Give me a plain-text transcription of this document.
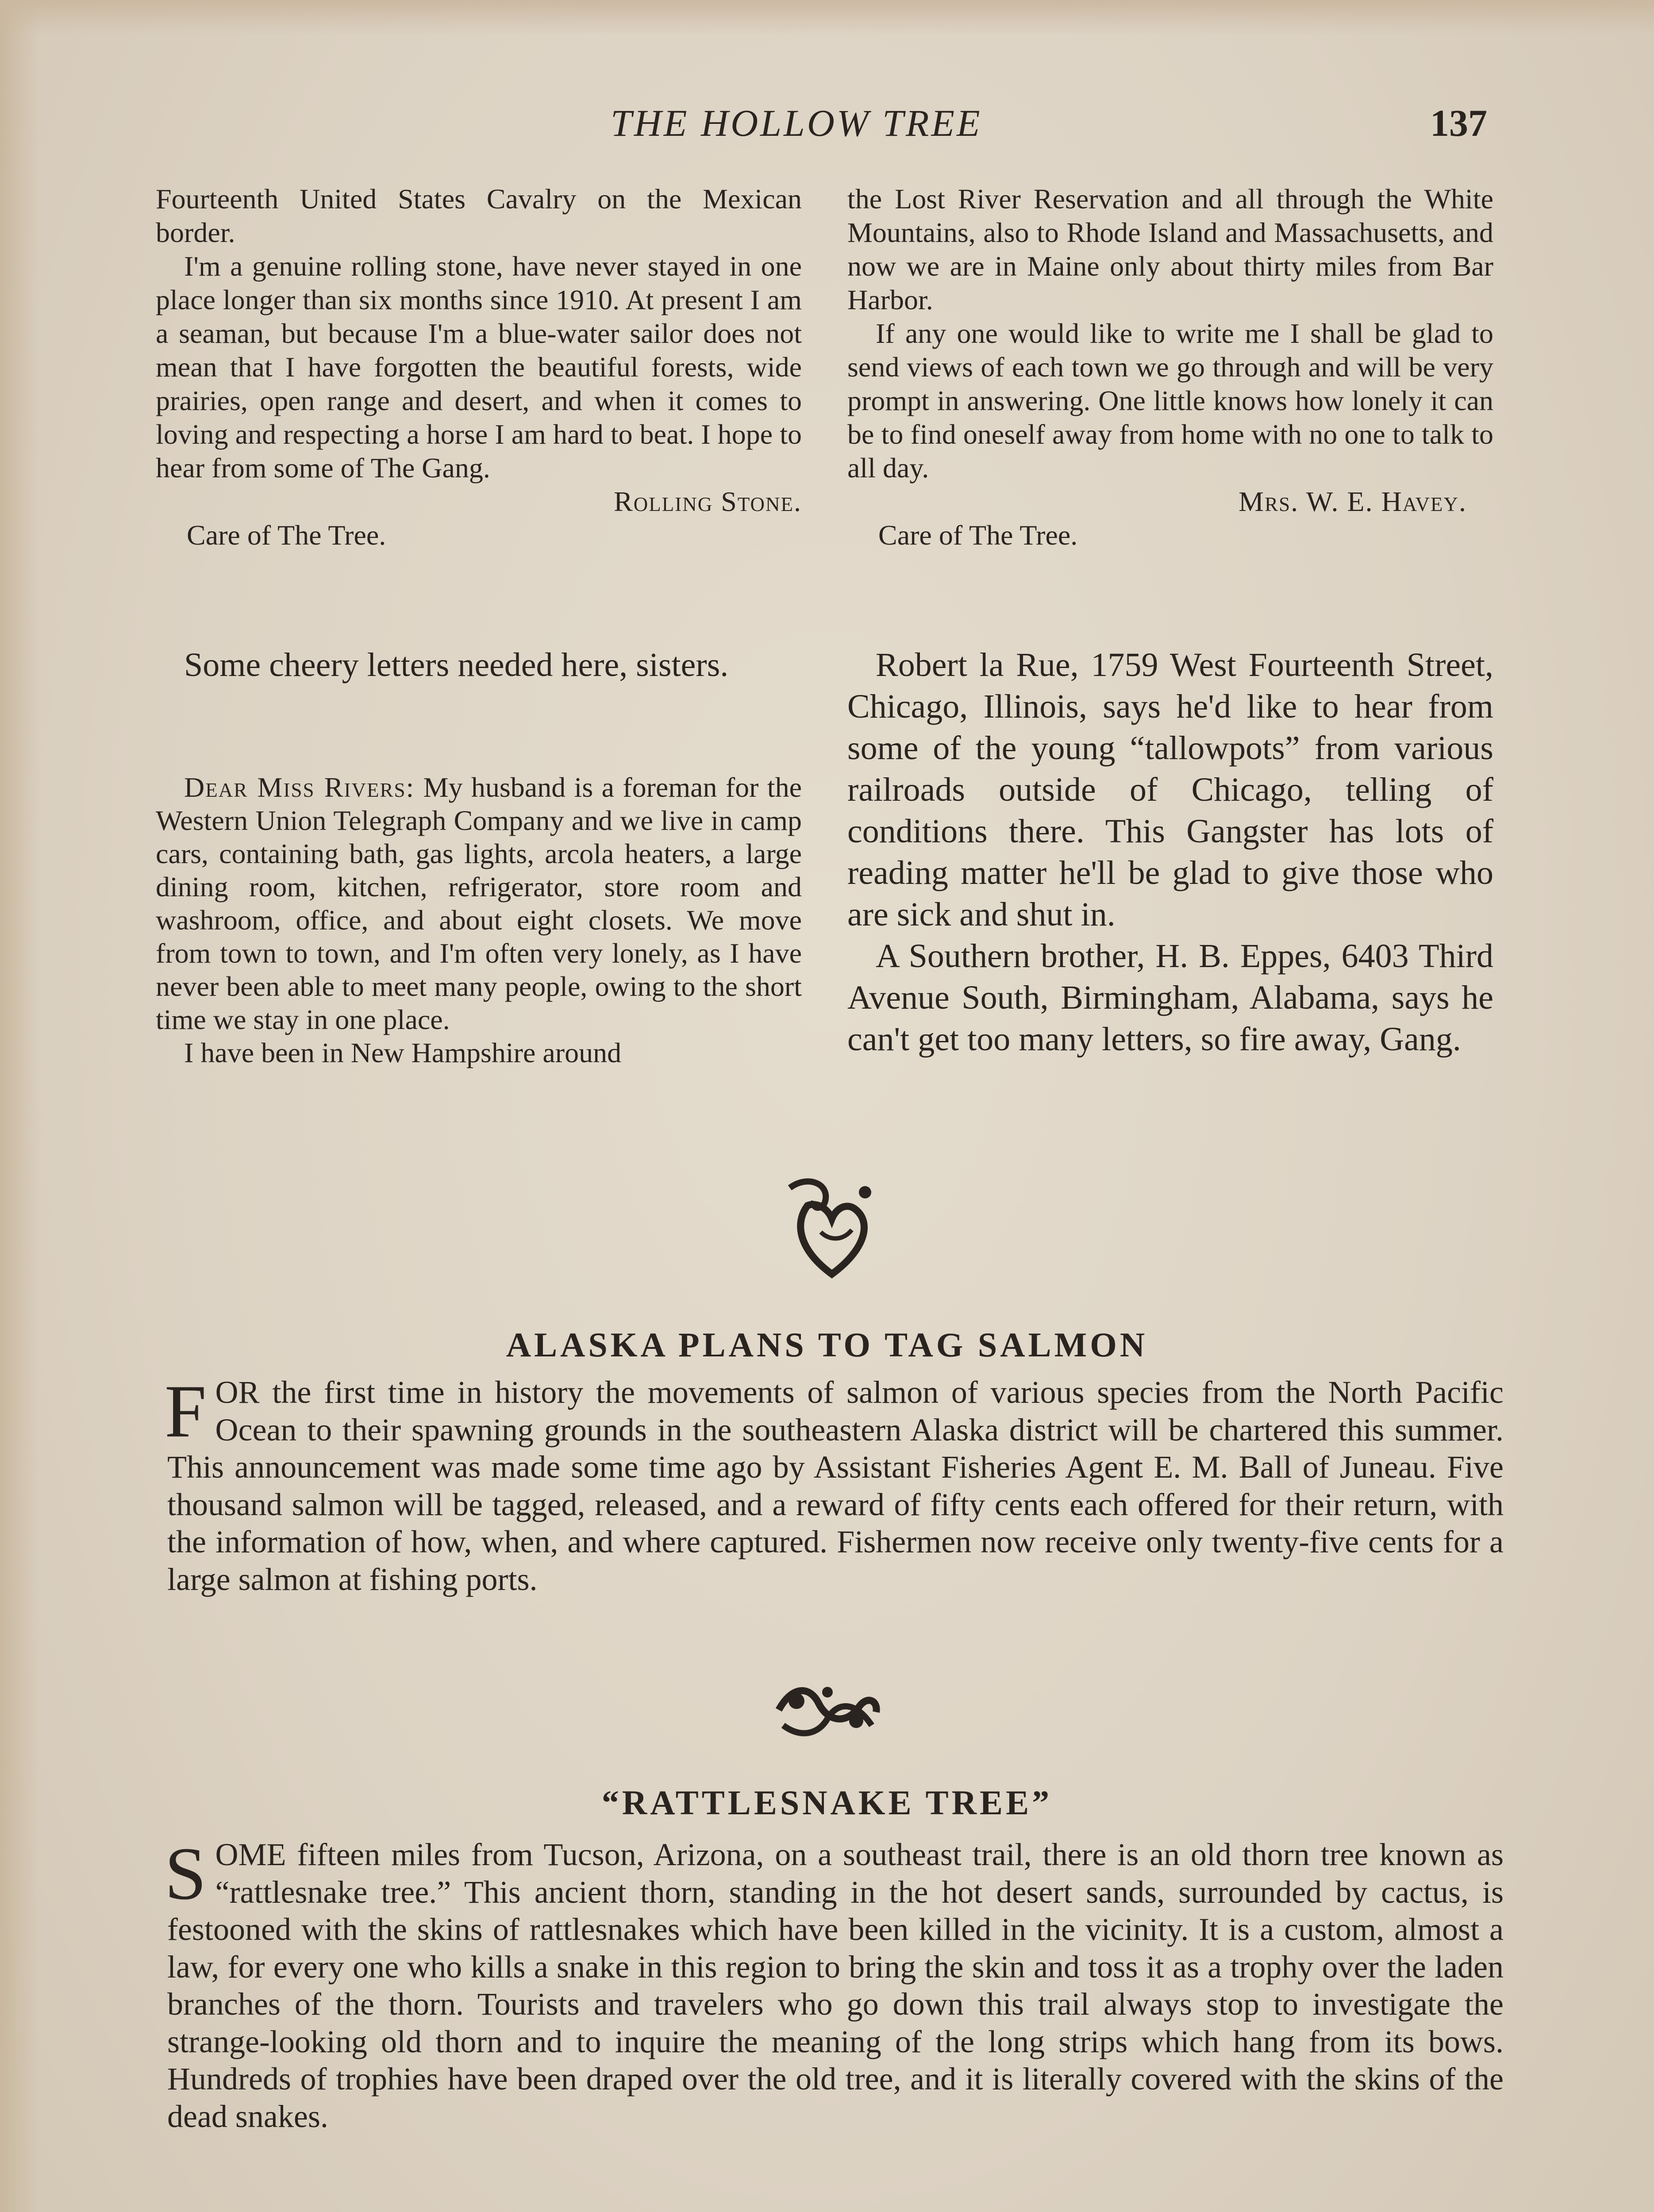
THE HOLLOW TREE	137

Fourteenth United States Cavalry on the Mexican border.

I'm a genuine rolling stone, have never stayed in one place longer than six months since 1910. At present I am a seaman, but because I'm a blue-water sailor does not mean that I have forgotten the beautiful forests, wide prairies, open range and desert, and when it comes to loving and respecting a horse I am hard to beat. I hope to hear from some of The Gang.

Rolling Stone.

Care of The Tree.

the Lost River Reservation and all through the White Mountains, also to Rhode Island and Massachusetts, and now we are in Maine only about thirty miles from Bar Harbor.

If any one would like to write me I shall be glad to send views of each town we go through and will be very prompt in answering. One little knows how lonely it can be to find oneself away from home with no one to talk to all day.

Mrs. W. E. Havey.

Care of The Tree.

Some cheery letters needed here, sisters.	Robert la Rue, 1759 West Fourteenth Street, Chicago, Illinois, says he'd like to hear from some of the young “tallowpots” from various railroads outside of Chicago, telling of conditions there. This Gangster has lots of reading matter he'll be glad to give those who are sick and shut in.

A Southern brother, H. B. Eppes, 6403 Third Avenue South, Birmingham, Alabama, says he can't get too many letters, so fire away, Gang.

Dear Miss Rivers: My husband is a foreman for the Western Union Telegraph Company and we live in camp cars, containing bath, gas lights, arcola heaters, a large dining room, kitchen, refrigerator, store room and washroom, office, and about eight closets. We move from town to town, and I'm often very lonely, as I have never been able to meet many people, owing to the short time we stay in one place.

I have been in New Hampshire around

ALASKA PLANS TO TAG SALMON

FOR the first time in history the movements of salmon of various species from the North Pacific Ocean to their spawning grounds in the southeastern Alaska district will be chartered this summer. This announcement was made some time ago by Assistant Fisheries Agent E. M. Ball of Juneau. Five thousand salmon will be tagged, released, and a reward of fifty cents each offered for their return, with the information of how, when, and where captured. Fishermen now receive only twenty-five cents for a large salmon at fishing ports.

“RATTLESNAKE TREE”

SOME fifteen miles from Tucson, Arizona, on a southeast trail, there is an old thorn tree known as “rattlesnake tree.” This ancient thorn, standing in the hot desert sands, surrounded by cactus, is festooned with the skins of rattlesnakes which have been killed in the vicinity. It is a custom, almost a law, for every one who kills a snake in this region to bring the skin and toss it as a trophy over the laden branches of the thorn. Tourists and travelers who go down this trail always stop to investigate the strange-looking old thorn and to inquire the meaning of the long strips which hang from its bows. Hundreds of trophies have been draped over the old tree, and it is literally covered with the skins of the dead snakes.
